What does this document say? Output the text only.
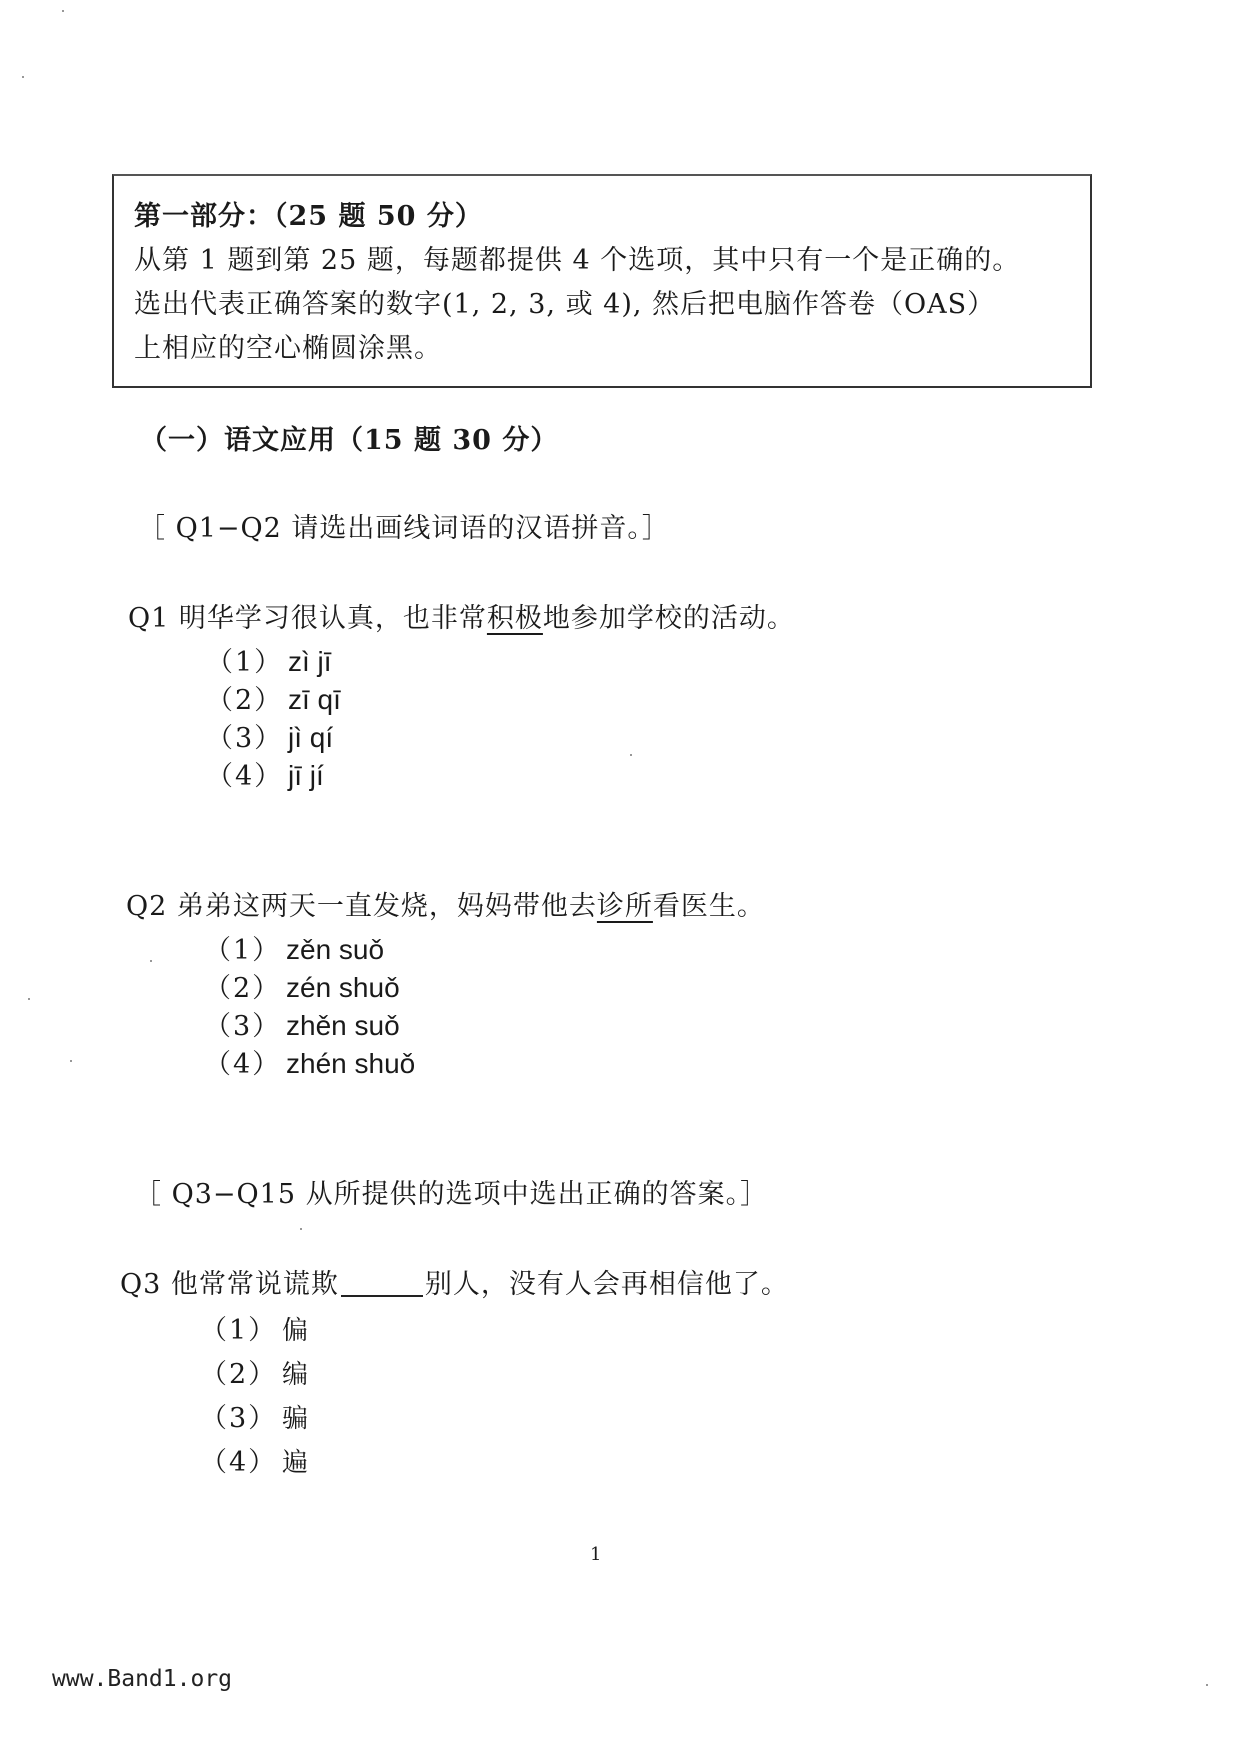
第一部分：（25 题 50 分）
从第 1 题到第 25 题，每题都提供 4 个选项，其中只有一个是正确的。
选出代表正确答案的数字(1, 2, 3, 或 4), 然后把电脑作答卷（OAS）
上相应的空心椭圆涂黑。
（一）语文应用（15 题 30 分）
［ Q1−Q2 请选出画线词语的汉语拼音。］
Q1 明华学习很认真，也非常积极地参加学校的活动。
（1） zì jī
（2） zī qī
（3） jì qí
（4） jī jí
Q2 弟弟这两天一直发烧，妈妈带他去诊所看医生。
（1） zěn suǒ
（2） zén shuǒ
（3） zhěn suǒ
（4） zhén shuǒ
［ Q3−Q15 从所提供的选项中选出正确的答案。］
Q3 他常常说谎欺	别人，没有人会再相信他了。
（1） 偏
（2） 编
（3） 骗
（4） 遍
1
www.Band1.org
